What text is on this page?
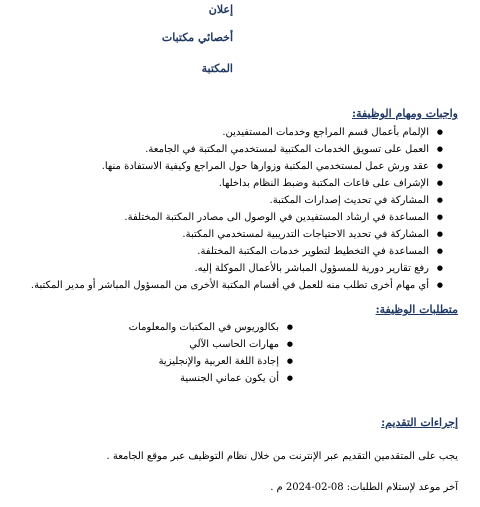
إعلان
أخصائي مكتبات
المكتبة
واجبات ومهام الوظيفة:
● الإلمام بأعمال قسم المراجع وخدمات المستفيدين.
● العمل على تسويق الخدمات المكتبية لمستخدمي المكتبة في الجامعة.
● عقد ورش عمل لمستخدمي المكتبة وزوارها حول المراجع وكيفية الاستفادة منها.
● الإشراف على قاعات المكتبة وضبط النظام بداخلها.
● المشاركة في تحديث إصدارات المكتبة.
● المساعدة في ارشاد المستفيدين في الوصول الى مصادر المكتبة المختلفة.
● المشاركة في تحديد الاحتياجات التدريبية لمستخدمي المكتبة.
● المساعدة في التخطيط لتطوير خدمات المكتبة المختلفة.
● رفع تقارير دورية للمسؤول المباشر بالأعمال الموكلة إليه.
● أي مهام أخرى تطلب منه للعمل في أقسام المكتبة الأخرى من المسؤول المباشر أو مدير المكتبة.
متطلبات الوظيفة:
● بكالوريوس في المكتبات والمعلومات
● مهارات الحاسب الآلي
● إجادة اللغة العربية والإنجليزية
● أن يكون عماني الجنسية
إجراءات التقديم:
يجب على المتقدمين التقديم عبر الإنترنت من خلال نظام التوظيف عبر موقع الجامعة .
آخر موعد لإستلام الطلبات: 08-02-2024 م .
